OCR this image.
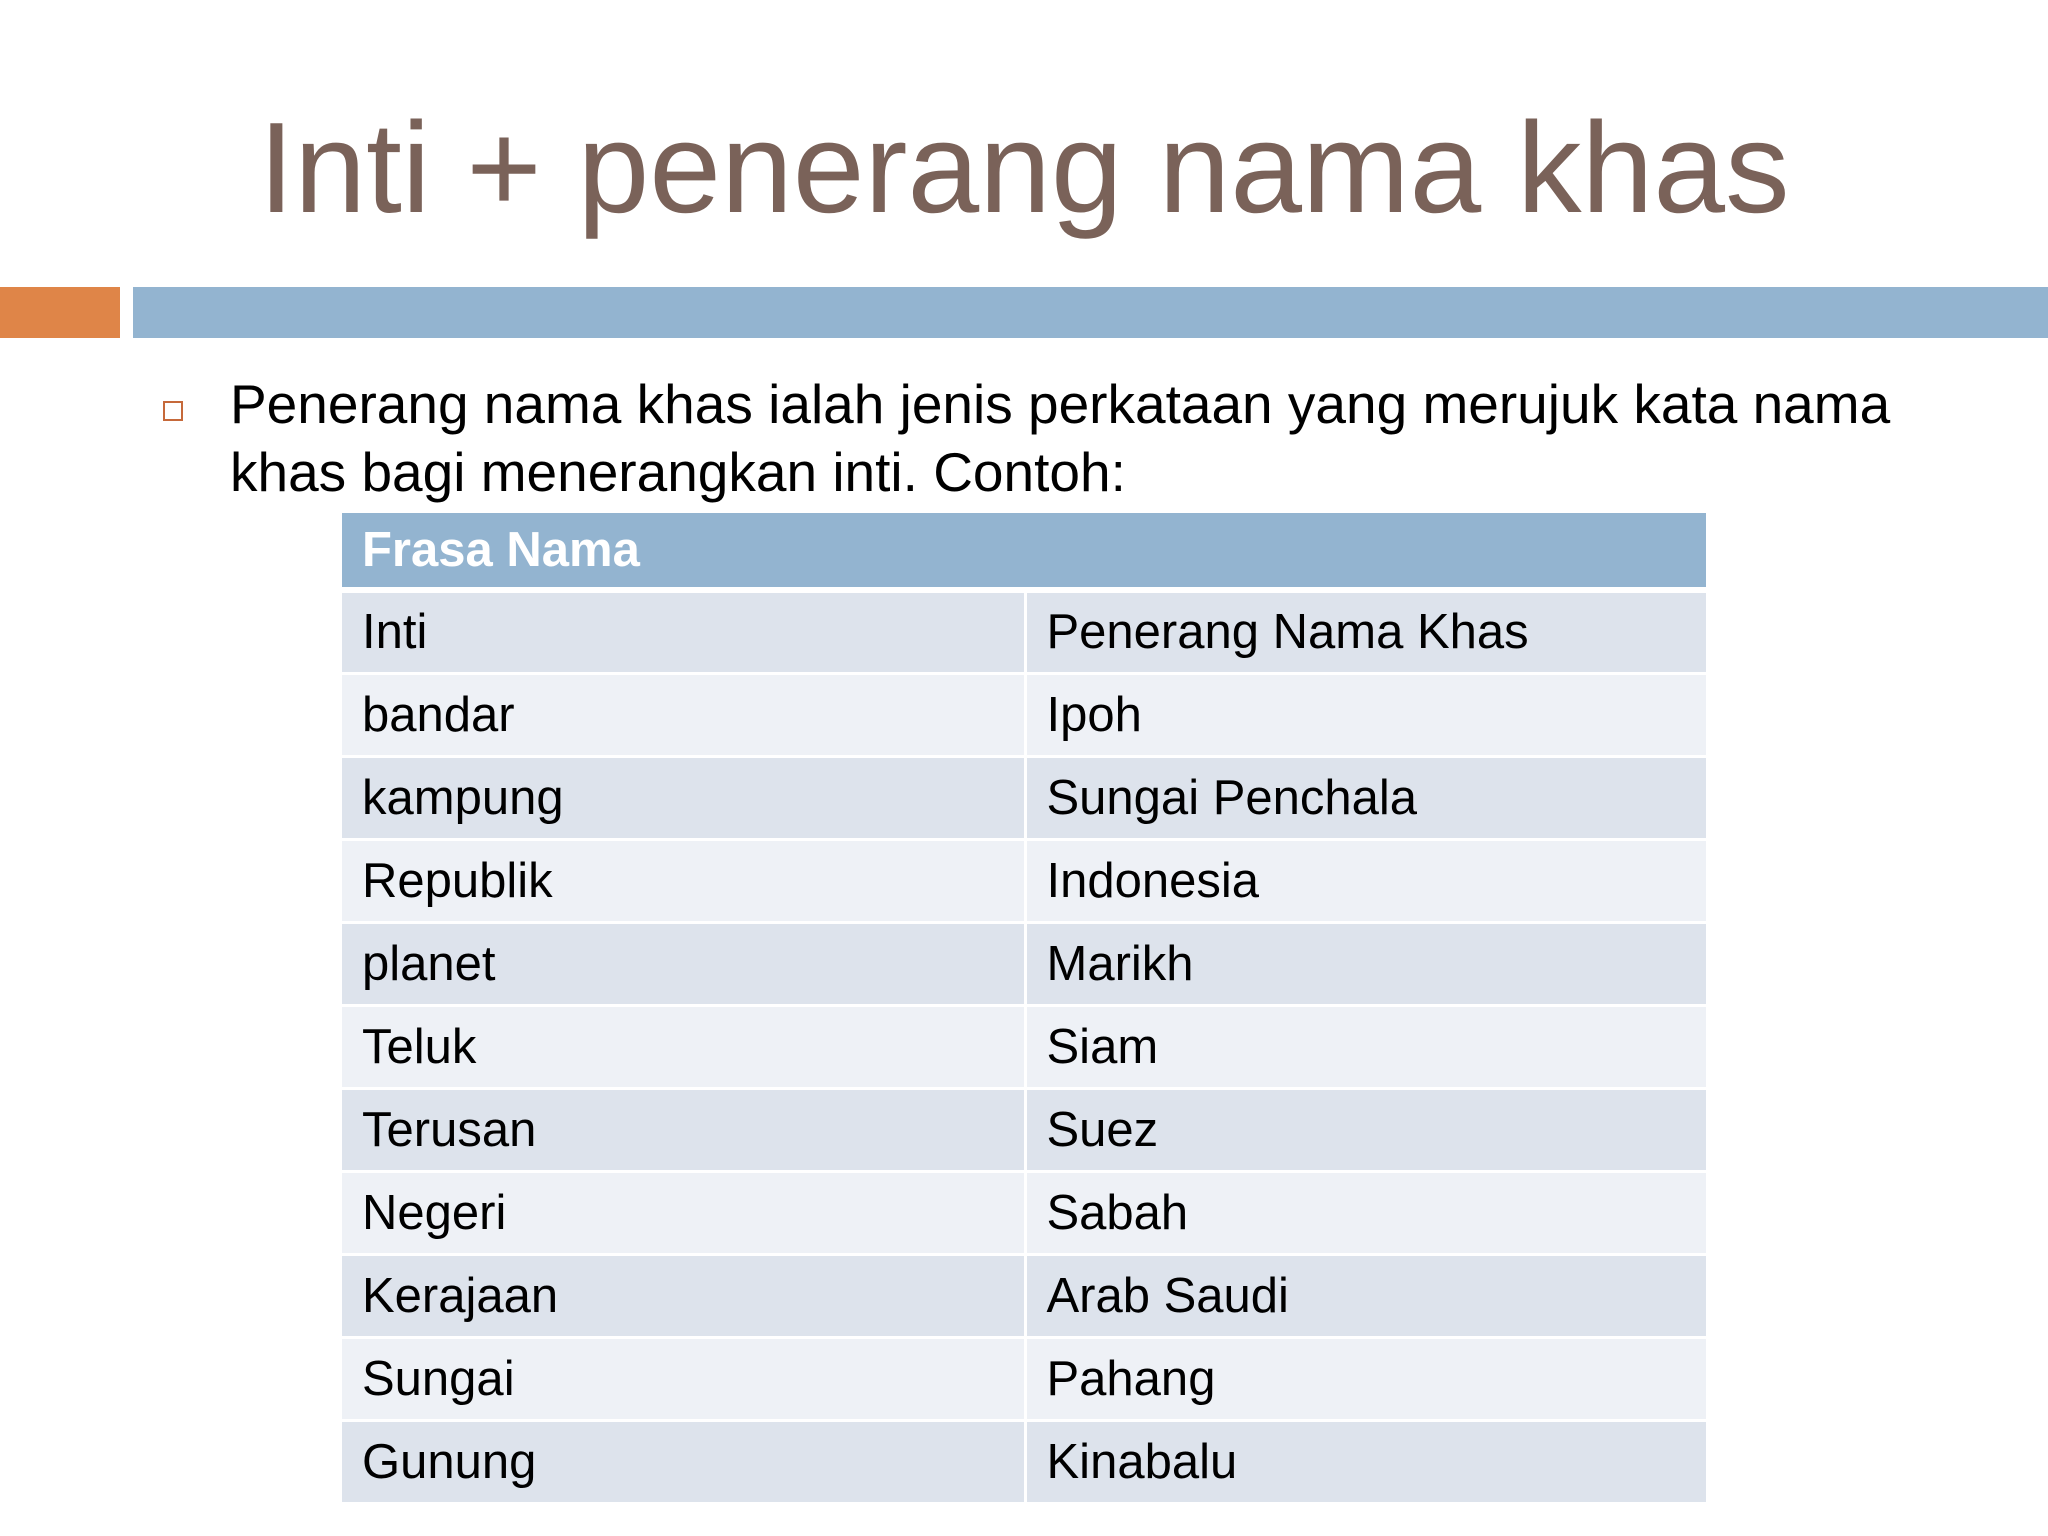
Inti + penerang nama khas
Penerang nama khas ialah jenis perkataan yang merujuk kata nama khas bagi menerangkan inti. Contoh:
Frasa Nama	
Inti	Penerang Nama Khas
bandar	Ipoh
kampung	Sungai Penchala
Republik	Indonesia
planet	Marikh
Teluk	Siam
Terusan	Suez
Negeri	Sabah
Kerajaan	Arab Saudi
Sungai	Pahang
Gunung	Kinabalu
